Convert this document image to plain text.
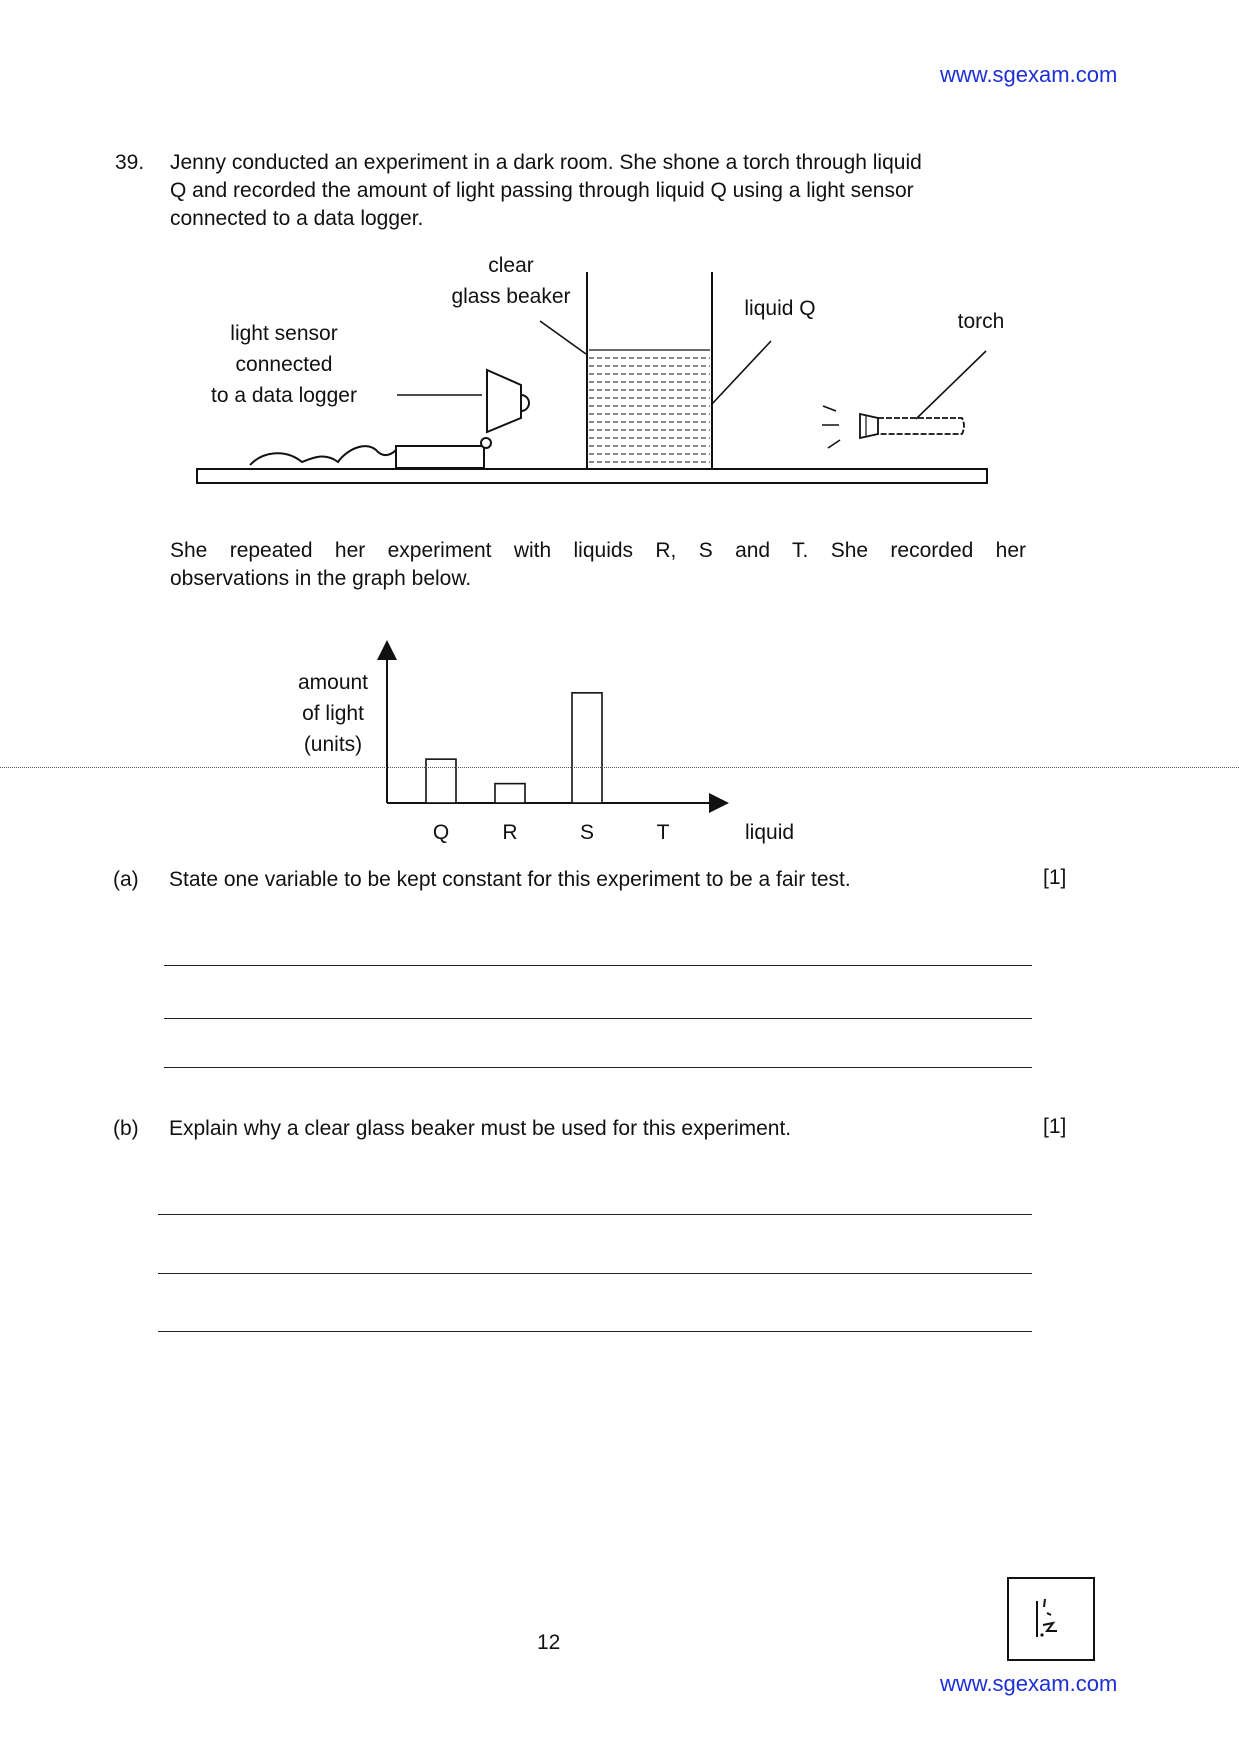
www.sgexam.com
39. Jenny conducted an experiment in a dark room. She shone a torch through liquid
Q and recorded the amount of light passing through liquid Q using a light sensor
connected to a data logger.
clear
glass beaker
liquid Q
torch
light sensor
connected
to a data logger
She repeated her experiment with liquids R, S and T. She recorded her
observations in the graph below.
amount
of light
(units)
Q	R	S	T	liquid
(a) State one variable to be kept constant for this experiment to be a fair test.	[1]
(b) Explain why a clear glass beaker must be used for this experiment.	[1]
12
www.sgexam.com
